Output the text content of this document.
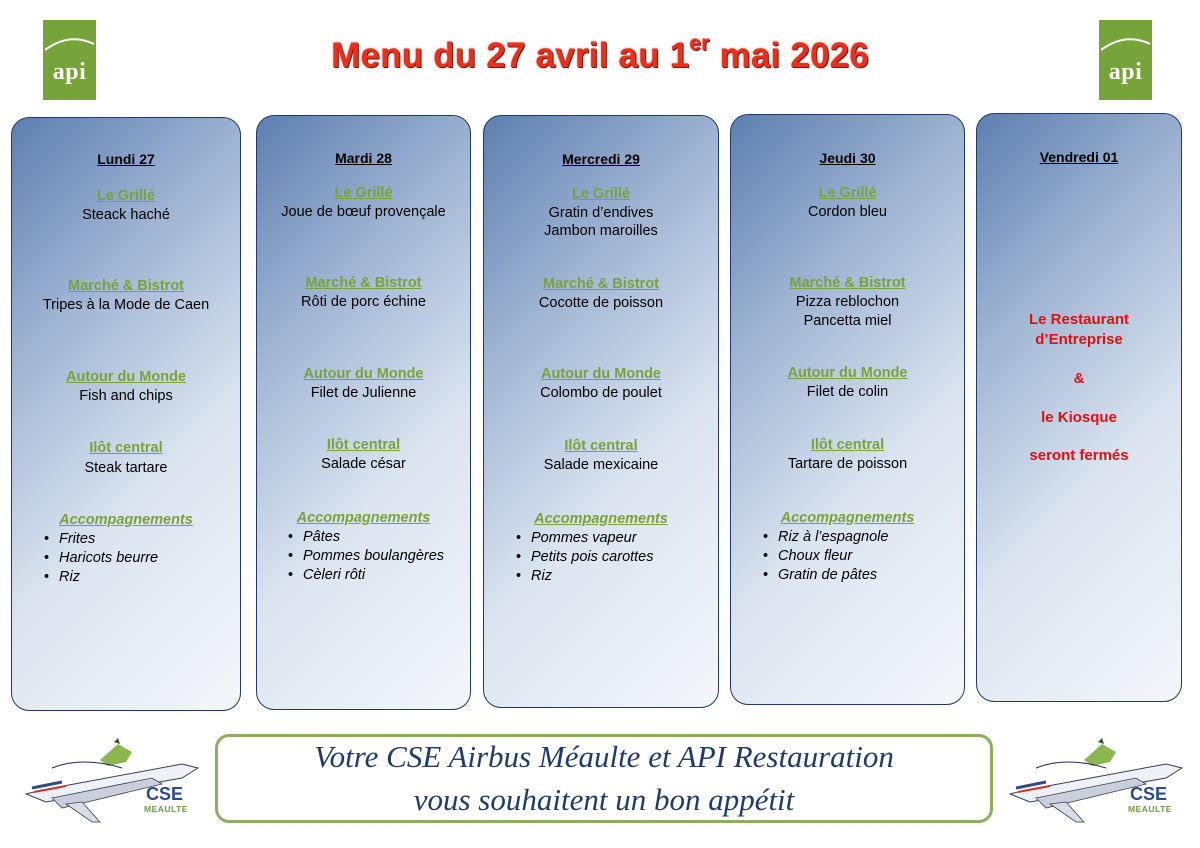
api	api
Menu du 27 avril au 1er mai 2026
Lundi 27
Le Grillé
Steack haché
Marché & Bistrot
Tripes à la Mode de Caen
Autour du Monde
Fish and chips
Ilôt central
Steak tartare
Accompagnements
• Frites
• Haricots beurre
• Riz
Mardi 28
Le Grillé
Joue de bœuf provençale
Marché & Bistrot
Rôti de porc échine
Autour du Monde
Filet de Julienne
Ilôt central
Salade césar
Accompagnements
• Pâtes
• Pommes boulangères
• Cèleri rôti
Mercredi 29
Le Grillé
Gratin d’endives
Jambon maroilles
Marché & Bistrot
Cocotte de poisson
Autour du Monde
Colombo de poulet
Ilôt central
Salade mexicaine
Accompagnements
• Pommes vapeur
• Petits pois carottes
• Riz
Jeudi 30
Le Grillé
Cordon bleu
Marché & Bistrot
Pizza reblochon
Pancetta miel
Autour du Monde
Filet de colin
Ilôt central
Tartare de poisson
Accompagnements
• Riz à l’espagnole
• Choux fleur
• Gratin de pâtes
Vendredi 01
Le Restaurant
d’Entreprise
&
le Kiosque
seront fermés
CSE
MEAULTE
CSE
MEAULTE
Votre CSE Airbus Méaulte et API Restauration
vous souhaitent un bon appétit
